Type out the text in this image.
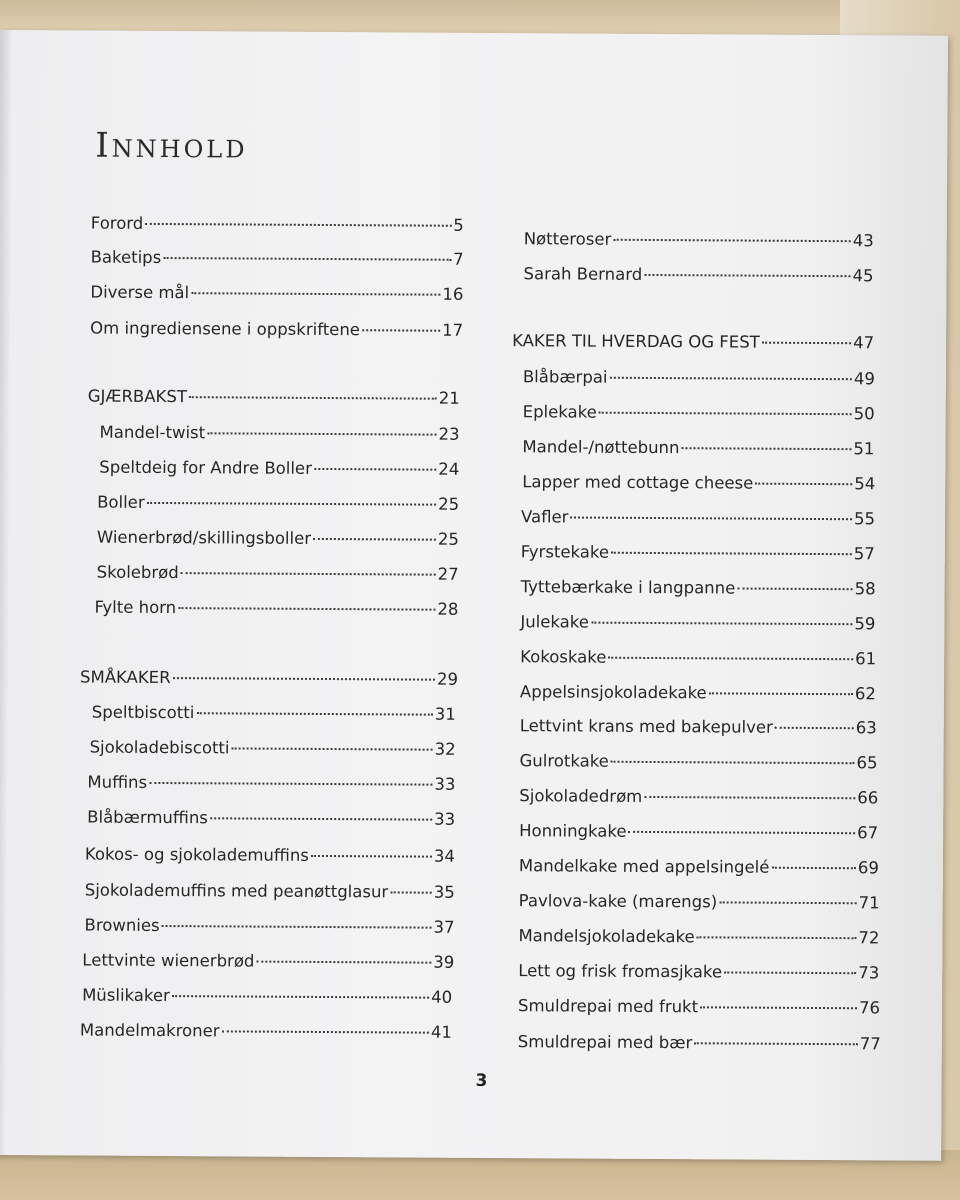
Innhold
Forord	5
Baketips	7
Diverse mål	16
Om ingrediensene i oppskriftene	17
GJÆRBAKST	21
Mandel-twist	23
Speltdeig for Andre Boller	24
Boller	25
Wienerbrød/skillingsboller	25
Skolebrød	27
Fylte horn	28
SMÅKAKER	29
Speltbiscotti	31
Sjokoladebiscotti	32
Muffins	33
Blåbærmuffins	33
Kokos- og sjokolademuffins	34
Sjokolademuffins med peanøttglasur	35
Brownies	37
Lettvinte wienerbrød	39
Müslikaker	40
Mandelmakroner	41
Nøtteroser	43
Sarah Bernard	45
KAKER TIL HVERDAG OG FEST	47
Blåbærpai	49
Eplekake	50
Mandel-/nøttebunn	51
Lapper med cottage cheese	54
Vafler	55
Fyrstekake	57
Tyttebærkake i langpanne	58
Julekake	59
Kokoskake	61
Appelsinsjokoladekake	62
Lettvint krans med bakepulver	63
Gulrotkake	65
Sjokoladedrøm	66
Honningkake	67
Mandelkake med appelsingelé	69
Pavlova-kake (marengs)	71
Mandelsjokoladekake	72
Lett og frisk fromasjkake	73
Smuldrepai med frukt	76
Smuldrepai med bær	77
3
